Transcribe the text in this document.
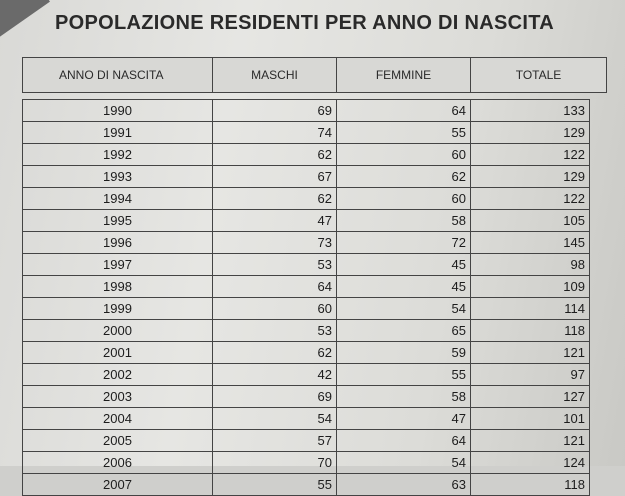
POPOLAZIONE RESIDENTI PER ANNO DI NASCITA
ANNO DI NASCITA	MASCHI	FEMMINE	TOTALE
1990	69	64	133
1991	74	55	129
1992	62	60	122
1993	67	62	129
1994	62	60	122
1995	47	58	105
1996	73	72	145
1997	53	45	98
1998	64	45	109
1999	60	54	114
2000	53	65	118
2001	62	59	121
2002	42	55	97
2003	69	58	127
2004	54	47	101
2005	57	64	121
2006	70	54	124
2007	55	63	118
